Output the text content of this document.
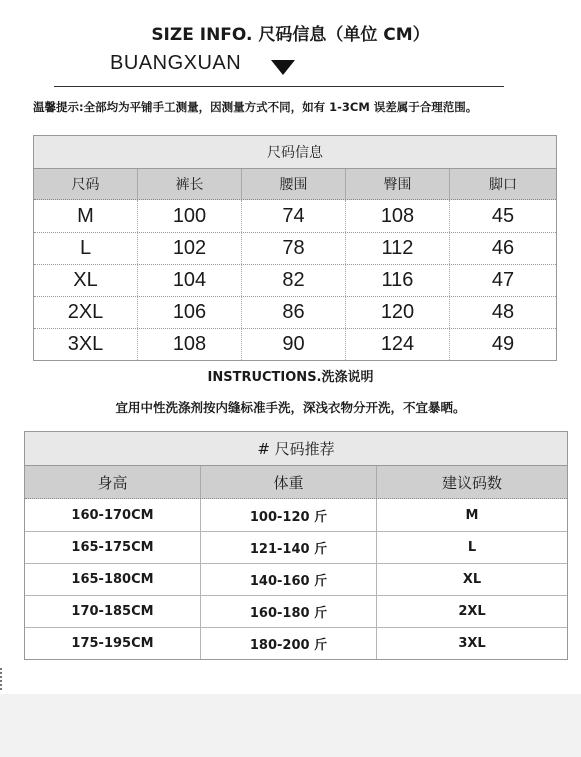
SIZE INFO. 尺码信息（单位 CM）
BUANGXUAN
温馨提示:全部均为平铺手工测量，因测量方式不同，如有 1-3CM 误差属于合理范围。
尺码信息
尺码	裤长	腰围	臀围	脚口
M	100	74	108	45
L	102	78	112	46
XL	104	82	116	47
2XL	106	86	120	48
3XL	108	90	124	49
INSTRUCTIONS.洗涤说明
宜用中性洗涤剂按内缝标准手洗，深浅衣物分开洗，不宜暴晒。
# 尺码推荐
身高	体重	建议码数
160-170CM	100-120 斤	M
165-175CM	121-140 斤	L
165-180CM	140-160 斤	XL
170-185CM	160-180 斤	2XL
175-195CM	180-200 斤	3XL
